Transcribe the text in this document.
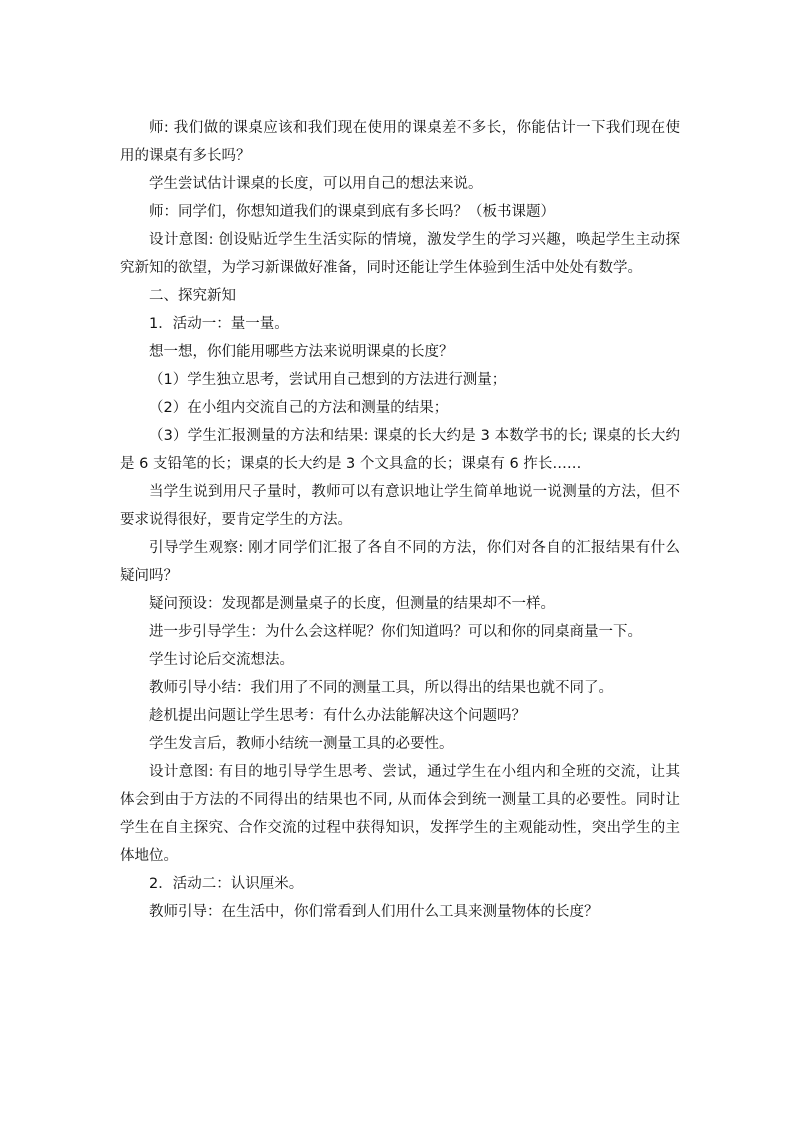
师: 我们做的课桌应该和我们现在使用的课桌差不多长，你能估计一下我们现在使用的课桌有多长吗？

学生尝试估计课桌的长度，可以用自己的想法来说。

师：同学们，你想知道我们的课桌到底有多长吗？（板书课题）

设计意图: 创设贴近学生生活实际的情境，激发学生的学习兴趣，唤起学生主动探究新知的欲望，为学习新课做好准备，同时还能让学生体验到生活中处处有数学。

二、探究新知

1．活动一：量一量。

想一想，你们能用哪些方法来说明课桌的长度？

（1）学生独立思考，尝试用自己想到的方法进行测量；

（2）在小组内交流自己的方法和测量的结果；

（3）学生汇报测量的方法和结果: 课桌的长大约是 3 本数学书的长; 课桌的长大约是 6 支铅笔的长；课桌的长大约是 3 个文具盒的长；课桌有 6 拃长……

当学生说到用尺子量时，教师可以有意识地让学生简单地说一说测量的方法，但不要求说得很好，要肯定学生的方法。

引导学生观察: 刚才同学们汇报了各自不同的方法，你们对各自的汇报结果有什么疑问吗？

疑问预设：发现都是测量桌子的长度，但测量的结果却不一样。

进一步引导学生：为什么会这样呢？你们知道吗？可以和你的同桌商量一下。

学生讨论后交流想法。

教师引导小结：我们用了不同的测量工具，所以得出的结果也就不同了。

趁机提出问题让学生思考：有什么办法能解决这个问题吗？

学生发言后，教师小结统一测量工具的必要性。

设计意图: 有目的地引导学生思考、尝试，通过学生在小组内和全班的交流，让其体会到由于方法的不同得出的结果也不同, 从而体会到统一测量工具的必要性。同时让学生在自主探究、合作交流的过程中获得知识，发挥学生的主观能动性，突出学生的主体地位。

2．活动二：认识厘米。

教师引导：在生活中，你们常看到人们用什么工具来测量物体的长度？
